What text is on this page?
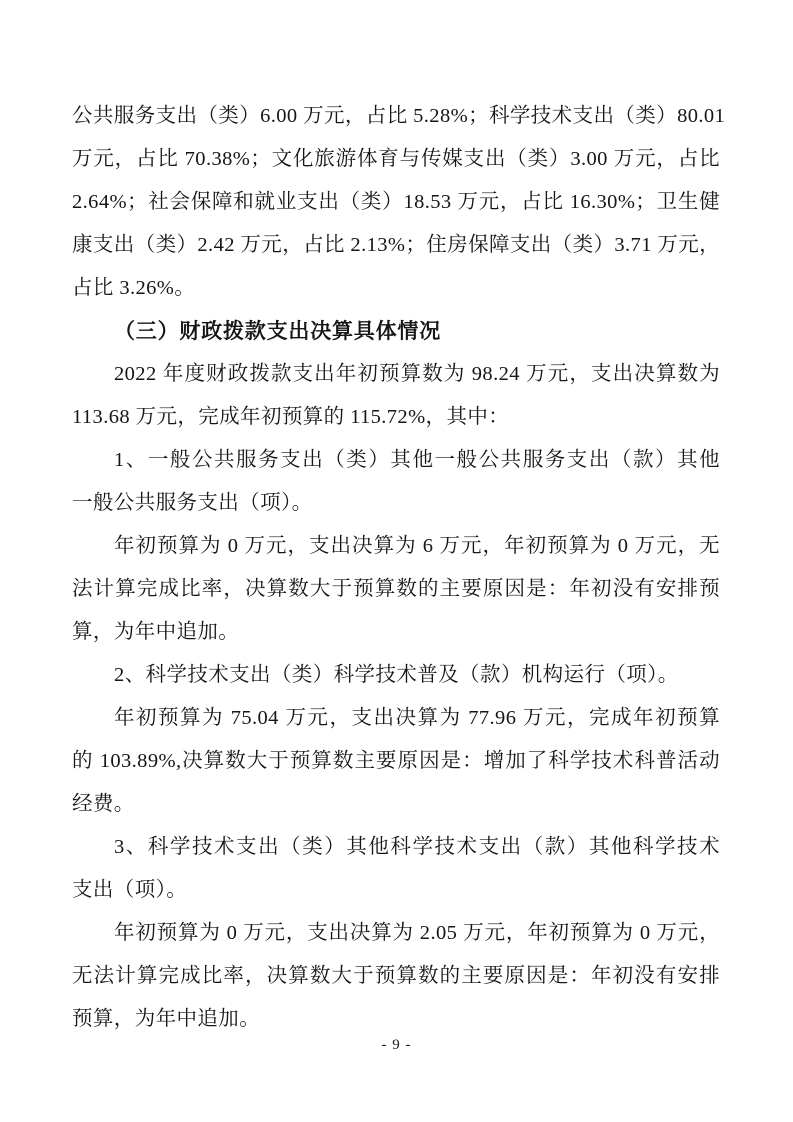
公共服务支出（类）6.00 万元，占比 5.28%；科学技术支出（类）80.01
万元，占比 70.38%；文化旅游体育与传媒支出（类）3.00 万元，占比
2.64%；社会保障和就业支出（类）18.53 万元，占比 16.30%；卫生健
康支出（类）2.42 万元，占比 2.13%；住房保障支出（类）3.71 万元，
占比 3.26%。
（三）财政拨款支出决算具体情况
2022 年度财政拨款支出年初预算数为 98.24 万元，支出决算数为
113.68 万元，完成年初预算的 115.72%，其中：
1、一般公共服务支出（类）其他一般公共服务支出（款）其他
一般公共服务支出（项）。
年初预算为 0 万元，支出决算为 6 万元，年初预算为 0 万元，无
法计算完成比率，决算数大于预算数的主要原因是：年初没有安排预
算，为年中追加。
2、科学技术支出（类）科学技术普及（款）机构运行（项）。
年初预算为 75.04 万元，支出决算为 77.96 万元，完成年初预算
的 103.89%,决算数大于预算数主要原因是：增加了科学技术科普活动
经费。
3、科学技术支出（类）其他科学技术支出（款）其他科学技术
支出（项）。
年初预算为 0 万元，支出决算为 2.05 万元，年初预算为 0 万元，
无法计算完成比率，决算数大于预算数的主要原因是：年初没有安排
预算，为年中追加。
- 9 -
